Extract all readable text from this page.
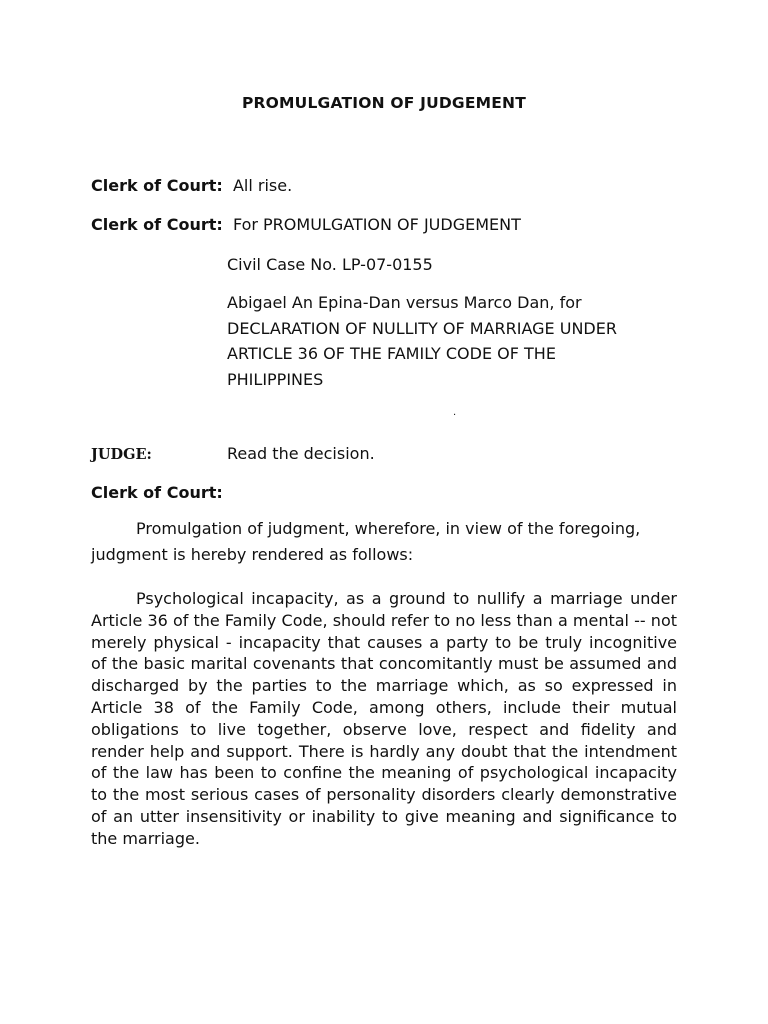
PROMULGATION OF JUDGEMENT
Clerk of Court: All rise.
Clerk of Court: For PROMULGATION OF JUDGEMENT
Civil Case No. LP-07-0155
Abigael An Epina-Dan versus Marco Dan, for
DECLARATION OF NULLITY OF MARRIAGE UNDER
ARTICLE 36 OF THE FAMILY CODE OF THE
PHILIPPINES
.
JUDGE:	Read the decision.
Clerk of Court:
Promulgation of judgment, wherefore, in view of the foregoing, judgment is hereby rendered as follows:
Psychological incapacity, as a ground to nullify a marriage under Article 36 of the Family Code, should refer to no less than a mental -- not merely physical - incapacity that causes a party to be truly incognitive of the basic marital covenants that concomitantly must be assumed and discharged by the parties to the marriage which, as so expressed in Article 38 of the Family Code, among others, include their mutual obligations to live together, observe love, respect and fidelity and render help and support. There is hardly any doubt that the intendment of the law has been to confine the meaning of psychological incapacity to the most serious cases of personality disorders clearly demonstrative of an utter insensitivity or inability to give meaning and significance to the marriage.
